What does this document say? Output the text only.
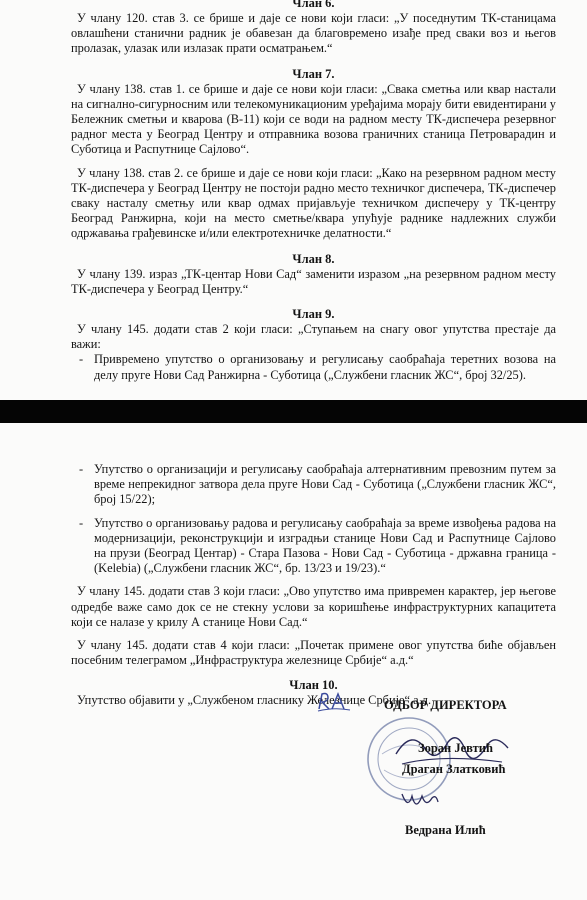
Члан 6.

У члану 120. став 3. се брише и даје се нови који гласи: „У поседнутим ТК-станицама овлашћени станични радник је обавезан да благовремено изађе пред сваки воз и његов пролазак, улазак или излазак прати осматрањем.“

Члан 7.

У члану 138. став 1. се брише и даје се нови који гласи: „Свака сметња или квар настали на сигнално-сигурносним или телекомуникационим уређајима морају бити евидентирани у Бележник сметњи и кварова (В-11) који се води на радном месту ТК-диспечера резервног радног места у Београд Центру и отправника возова граничних станица Петроварадин и Суботица и Распутнице Сајлово“.

У члану 138. став 2. се брише и даје се нови који гласи: „Како на резервном радном месту ТК-диспечера у Београд Центру не постоји радно место техничког диспечера, ТК-диспечер сваку насталу сметњу или квар одмах пријављује техничком диспечеру у ТК-центру Београд Ранжирна, који на место сметње/квара упућује раднике надлежних служби одржавања грађевинске и/или електротехничке делатности.“

Члан 8.

У члану 139. израз „ТК-центар Нови Сад“ заменити изразом „на резервном радном месту ТК-диспечера у Београд Центру.“

Члан 9.

У члану 145. додати став 2 који гласи: „Ступањем на снагу овог упутства престаје да важи:

- Привремено упутство о организовању и регулисању саобраћаја теретних возова на делу пруге Нови Сад Ранжирна - Суботица („Службени гласник ЖС“, број 32/25).
- Упутство о организацији и регулисању саобраћаја алтернативним превозним путем за време непрекидног затвора дела пруге Нови Сад - Суботица („Службени гласник ЖС“, број 15/22);
- Упутство о организовању радова и регулисању саобраћаја за време извођења радова на модернизацији, реконструкцији и изградњи станице Нови Сад и Распутнице Сајлово на прузи (Београд Центар) - Стара Пазова - Нови Сад - Суботица - државна граница - (Kelebia) („Службени гласник ЖС“, бр. 13/23 и 19/23).“

У члану 145. додати став 3 који гласи: „Ово упутство има привремен карактер, јер његове одредбе важе само док се не стекну услови за коришћење инфраструктурних капацитета који се налазе у крилу А станице Нови Сад.“

У члану 145. додати став 4 који гласи: „Почетак примене овог упутства биће објављен посебним телеграмом „Инфраструктура железнице Србије“ а.д.“

Члан 10.

Упутство објавити у „Службеном гласнику Железнице Србије“ а.д.

ОДБОР ДИРЕКТОРА
Зоран Јевтић
Драган Златковић
Ведрана Илић
